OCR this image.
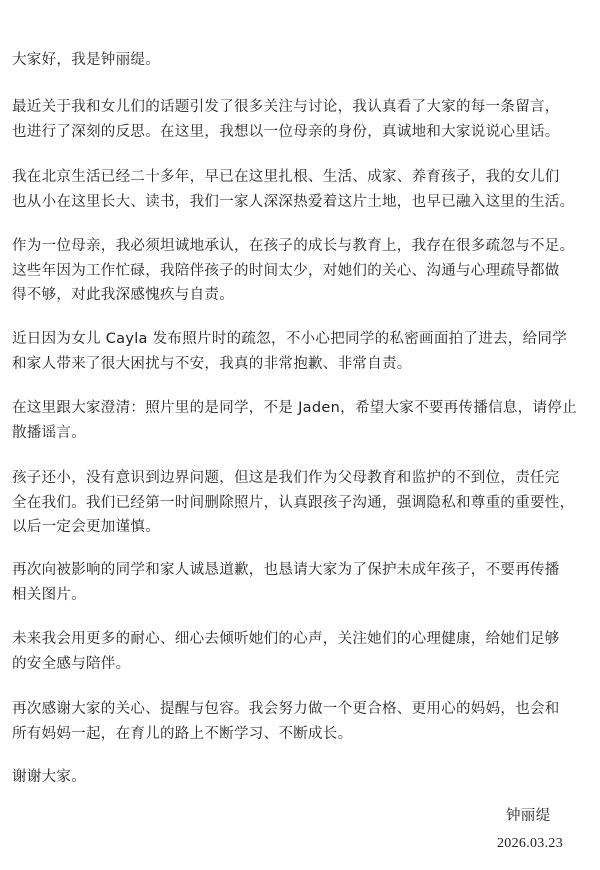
大家好，我是钟丽缇。

最近关于我和女儿们的话题引发了很多关注与讨论，我认真看了大家的每一条留言，
也进行了深刻的反思。在这里，我想以一位母亲的身份，真诚地和大家说说心里话。

我在北京生活已经二十多年，早已在这里扎根、生活、成家、养育孩子，我的女儿们
也从小在这里长大、读书，我们一家人深深热爱着这片土地，也早已融入这里的生活。

作为一位母亲，我必须坦诚地承认，在孩子的成长与教育上，我存在很多疏忽与不足。
这些年因为工作忙碌，我陪伴孩子的时间太少，对她们的关心、沟通与心理疏导都做
得不够，对此我深感愧疚与自责。

近日因为女儿 Cayla 发布照片时的疏忽，不小心把同学的私密画面拍了进去，给同学
和家人带来了很大困扰与不安，我真的非常抱歉、非常自责。

在这里跟大家澄清：照片里的是同学，不是 Jaden，希望大家不要再传播信息，请停止
散播谣言。

孩子还小，没有意识到边界问题，但这是我们作为父母教育和监护的不到位，责任完
全在我们。我们已经第一时间删除照片，认真跟孩子沟通，强调隐私和尊重的重要性，
以后一定会更加谨慎。

再次向被影响的同学和家人诚恳道歉，也恳请大家为了保护未成年孩子，不要再传播
相关图片。

未来我会用更多的耐心、细心去倾听她们的心声，关注她们的心理健康，给她们足够
的安全感与陪伴。

再次感谢大家的关心、提醒与包容。我会努力做一个更合格、更用心的妈妈，也会和
所有妈妈一起，在育儿的路上不断学习、不断成长。

谢谢大家。

钟丽缇
2026.03.23
